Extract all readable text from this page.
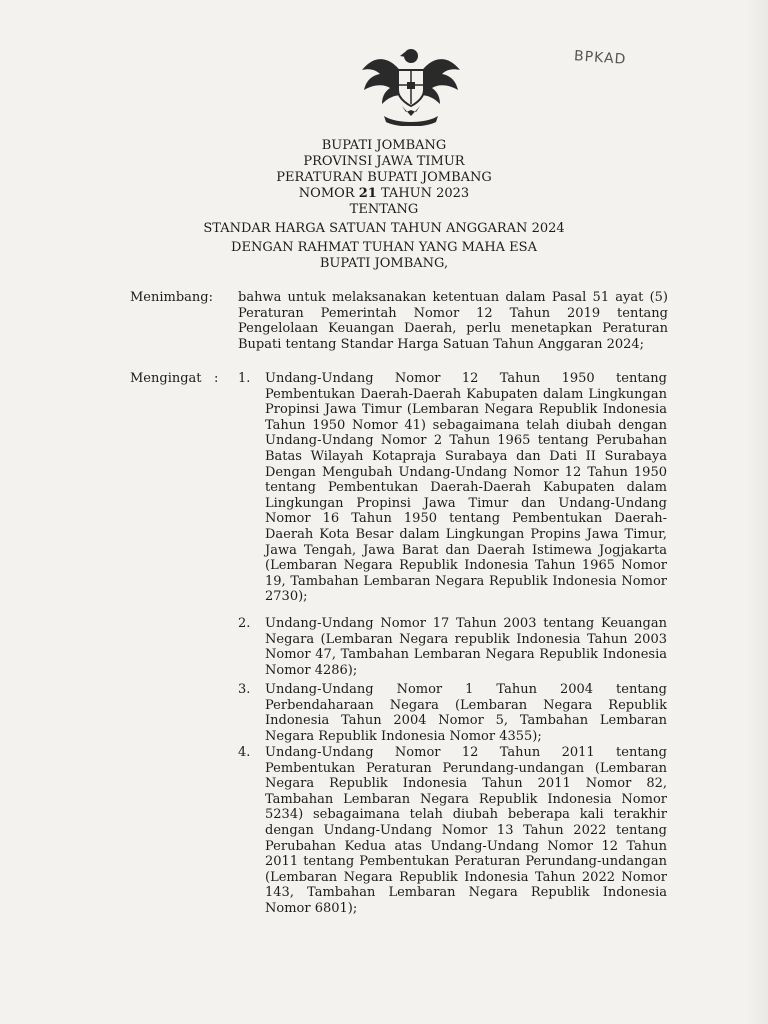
BPKAD
BUPATI JOMBANG
PROVINSI JAWA TIMUR
PERATURAN BUPATI JOMBANG
NOMOR 21 TAHUN 2023
TENTANG
STANDAR HARGA SATUAN TAHUN ANGGARAN 2024
DENGAN RAHMAT TUHAN YANG MAHA ESA
BUPATI JOMBANG,
Menimbang: bahwa untuk melaksanakan ketentuan dalam Pasal 51 ayat (5) Peraturan Pemerintah Nomor 12 Tahun 2019 tentang Pengelolaan Keuangan Daerah, perlu menetapkan Peraturan Bupati tentang Standar Harga Satuan Tahun Anggaran 2024;
Mengingat : 1. Undang-Undang Nomor 12 Tahun 1950 tentang Pembentukan Daerah-Daerah Kabupaten dalam Lingkungan Propinsi Jawa Timur (Lembaran Negara Republik Indonesia Tahun 1950 Nomor 41) sebagaimana telah diubah dengan Undang-Undang Nomor 2 Tahun 1965 tentang Perubahan Batas Wilayah Kotapraja Surabaya dan Dati II Surabaya Dengan Mengubah Undang-Undang Nomor 12 Tahun 1950 tentang Pembentukan Daerah-Daerah Kabupaten dalam Lingkungan Propinsi Jawa Timur dan Undang-Undang Nomor 16 Tahun 1950 tentang Pembentukan Daerah-Daerah Kota Besar dalam Lingkungan Propins Jawa Timur, Jawa Tengah, Jawa Barat dan Daerah Istimewa Jogjakarta (Lembaran Negara Republik Indonesia Tahun 1965 Nomor 19, Tambahan Lembaran Negara Republik Indonesia Nomor 2730);
2. Undang-Undang Nomor 17 Tahun 2003 tentang Keuangan Negara (Lembaran Negara republik Indonesia Tahun 2003 Nomor 47, Tambahan Lembaran Negara Republik Indonesia Nomor 4286);
3. Undang-Undang Nomor 1 Tahun 2004 tentang Perbendaharaan Negara (Lembaran Negara Republik Indonesia Tahun 2004 Nomor 5, Tambahan Lembaran Negara Republik Indonesia Nomor 4355);
4. Undang-Undang Nomor 12 Tahun 2011 tentang Pembentukan Peraturan Perundang-undangan (Lembaran Negara Republik Indonesia Tahun 2011 Nomor 82, Tambahan Lembaran Negara Republik Indonesia Nomor 5234) sebagaimana telah diubah beberapa kali terakhir dengan Undang-Undang Nomor 13 Tahun 2022 tentang Perubahan Kedua atas Undang-Undang Nomor 12 Tahun 2011 tentang Pembentukan Peraturan Perundang-undangan (Lembaran Negara Republik Indonesia Tahun 2022 Nomor 143, Tambahan Lembaran Negara Republik Indonesia Nomor 6801);
